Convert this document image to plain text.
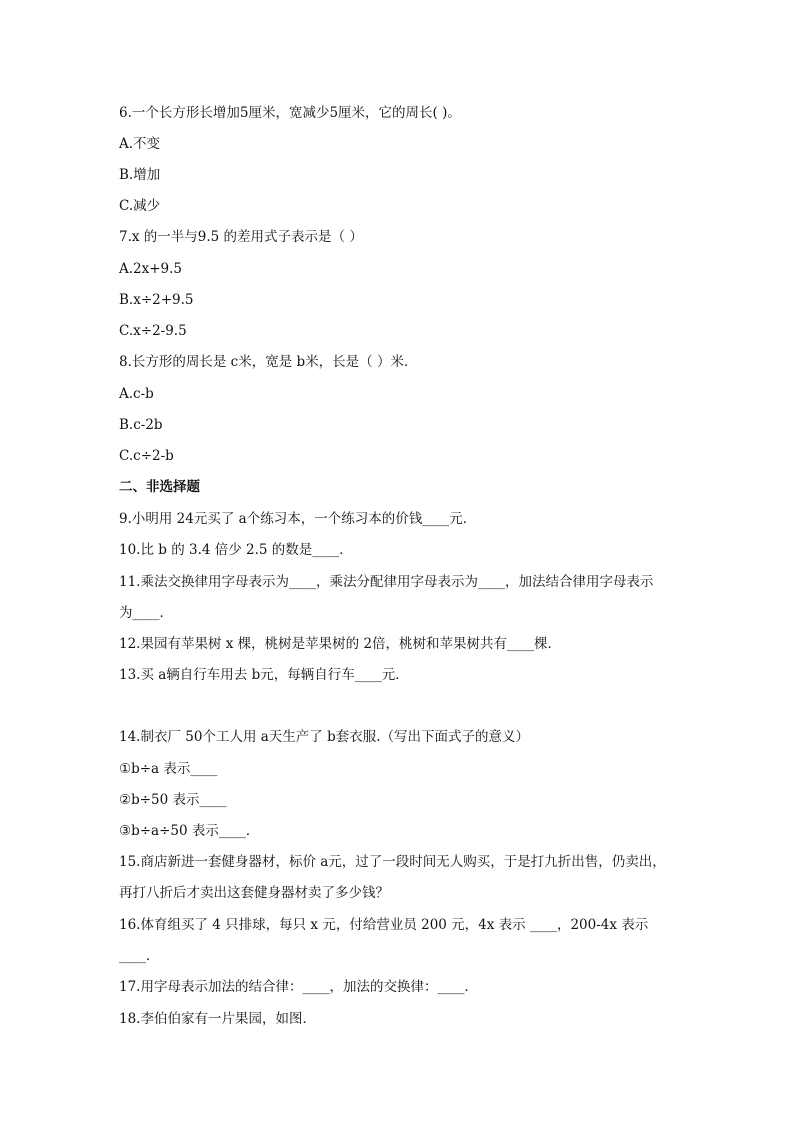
6.一个长方形长增加5厘米，宽减少5厘米，它的周长( )。
A.不变
B.增加
C.减少
7.x 的一半与9.5 的差用式子表示是（ ）
A.2x+9.5
B.x÷2+9.5
C.x÷2-9.5
8.长方形的周长是 c米，宽是 b米，长是（ ）米．
A.c-b
B.c-2b
C.c÷2-b
二、非选择题
9.小明用 24元买了 a个练习本，一个练习本的价钱____元．
10.比 b 的 3.4 倍少 2.5 的数是____．
11.乘法交换律用字母表示为____，乘法分配律用字母表示为____，加法结合律用字母表示
为____．
12.果园有苹果树 x 棵，桃树是苹果树的 2倍，桃树和苹果树共有____棵．
13.买 a辆自行车用去 b元，每辆自行车____元．
14.制衣厂 50个工人用 a天生产了 b套衣服.（写出下面式子的意义）
①b÷a 表示____
②b÷50 表示____
③b÷a÷50 表示____．
15.商店新进一套健身器材，标价 a元，过了一段时间无人购买，于是打九折出售，仍卖出，
再打八折后才卖出这套健身器材卖了多少钱？
16.体育组买了 4 只排球，每只 x 元，付给营业员 200 元，4x 表示 ____，200-4x 表示
____．
17.用字母表示加法的结合律：____，加法的交换律：____．
18.李伯伯家有一片果园，如图．
